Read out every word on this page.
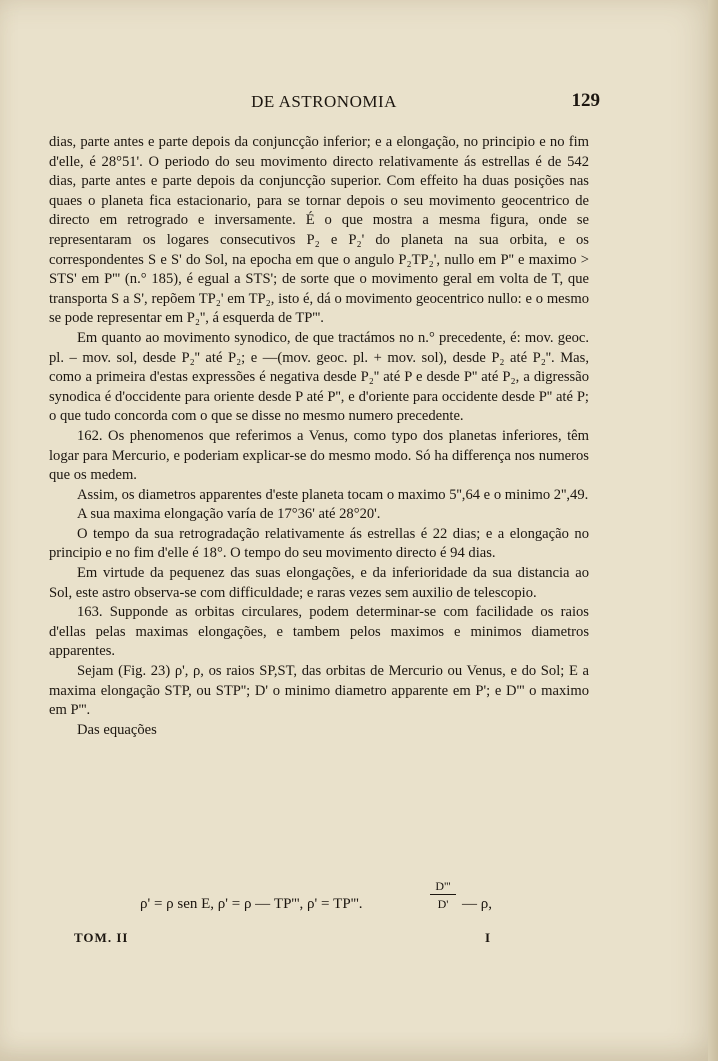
DE ASTRONOMIA	129

dias, parte antes e parte depois da conjuncção inferior; e a elongação, no principio e no fim d'elle, é 28°51'. O periodo do seu movimento directo relativamente ás estrellas é de 542 dias, parte antes e parte depois da conjuncção superior. Com effeito ha duas posições nas quaes o planeta fica estacionario, para se tornar depois o seu movimento geocentrico de directo em retrogrado e inversamente. É o que mostra a mesma figura, onde se representaram os logares consecutivos P₂ e P₂' do planeta na sua orbita, e os correspondentes S e S' do Sol, na epocha em que o angulo P₂TP₂', nullo em P'' e maximo > STS' em P''' (n.° 185), é egual a STS'; de sorte que o movimento geral em volta de T, que transporta S a S', repõem TP₂' em TP₂, isto é, dá o movimento geocentrico nullo: e o mesmo se pode representar em P₂'', á esquerda de TP'''.

Em quanto ao movimento synodico, de que tractámos no n.° precedente, é: mov. geoc. pl. – mov. sol, desde P₂'' até P₂; e —(mov. geoc. pl. + mov. sol), desde P₂ até P₂''. Mas, como a primeira d'estas expressões é negativa desde P₂'' até P e desde P'' até P₂, a digressão synodica é d'occidente para oriente desde P até P'', e d'oriente para occidente desde P'' até P; o que tudo concorda com o que se disse no mesmo numero precedente.

162. Os phenomenos que referimos a Venus, como typo dos planetas inferiores, têm logar para Mercurio, e poderiam explicar-se do mesmo modo. Só ha differença nos numeros que os medem.

Assim, os diametros apparentes d'este planeta tocam o maximo 5'',64 e o minimo 2'',49.

A sua maxima elongação varía de 17°36' até 28°20'.

O tempo da sua retrogradação relativamente ás estrellas é 22 dias; e a elongação no principio e no fim d'elle é 18°. O tempo do seu movimento directo é 94 dias.

Em virtude da pequenez das suas elongações, e da inferioridade da sua distancia ao Sol, este astro observa-se com difficuldade; e raras vezes sem auxilio de telescopio.

163. Supponde as orbitas circulares, podem determinar-se com facilidade os raios d'ellas pelas maximas elongações, e tambem pelos maximos e minimos diametros apparentes.

Sejam (Fig. 23) ρ', ρ, os raios SP,ST, das orbitas de Mercurio ou Venus, e do Sol; E a maxima elongação STP, ou STP''; D' o minimo diametro apparente em P'; e D''' o maximo em P'''.

Das equações

ρ' = ρ sen E, ρ' = ρ — TP''', ρ' = TP'''.	$\frac{D'''}{D'}$ — ρ,
TOM. II	I
